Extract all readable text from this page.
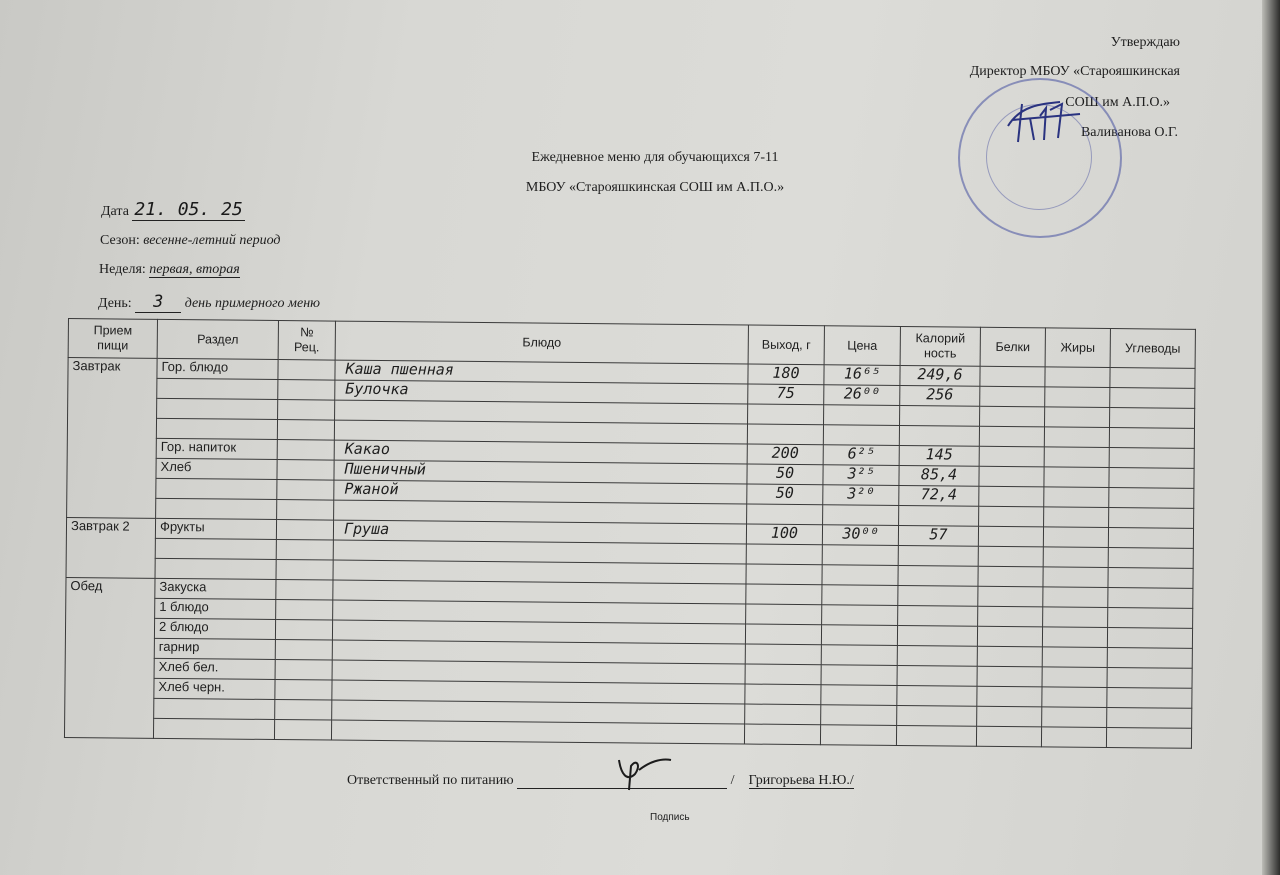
Утверждаю
Директор МБОУ «Старояшкинская
СОШ им А.П.О.»
Валиванова О.Г.
Ежедневное меню для обучающихся 7-11
МБОУ «Старояшкинская СОШ им А.П.О.»
Дата 21. 05. 25
Сезон: весенне-летний период
Неделя: первая, вторая
День: 3 день примерного меню
Прием
пищи	Раздел	№
Рец.	Блюдо	Выход, г	Цена	Калорий
ность	Белки	Жиры	Углеводы
Завтрак	Гор. блюдо		Каша пшенная	180	16⁶⁵	249,6			
			Булочка	75	26⁰⁰	256			

	Гор. напиток		Какао	200	6²⁵	145			
	Хлеб		Пшеничный	50	3²⁵	85,4			
			Ржаной	50	3²⁰	72,4			

Завтрак 2	Фрукты		Груша	100	30⁰⁰	57			

Обед	Закуска								
	1 блюдо								
	2 блюдо								
	гарнир								
	Хлеб бел.								
	Хлеб черн.								

Ответственный по питанию	/ Григорьева Н.Ю./
Подпись
